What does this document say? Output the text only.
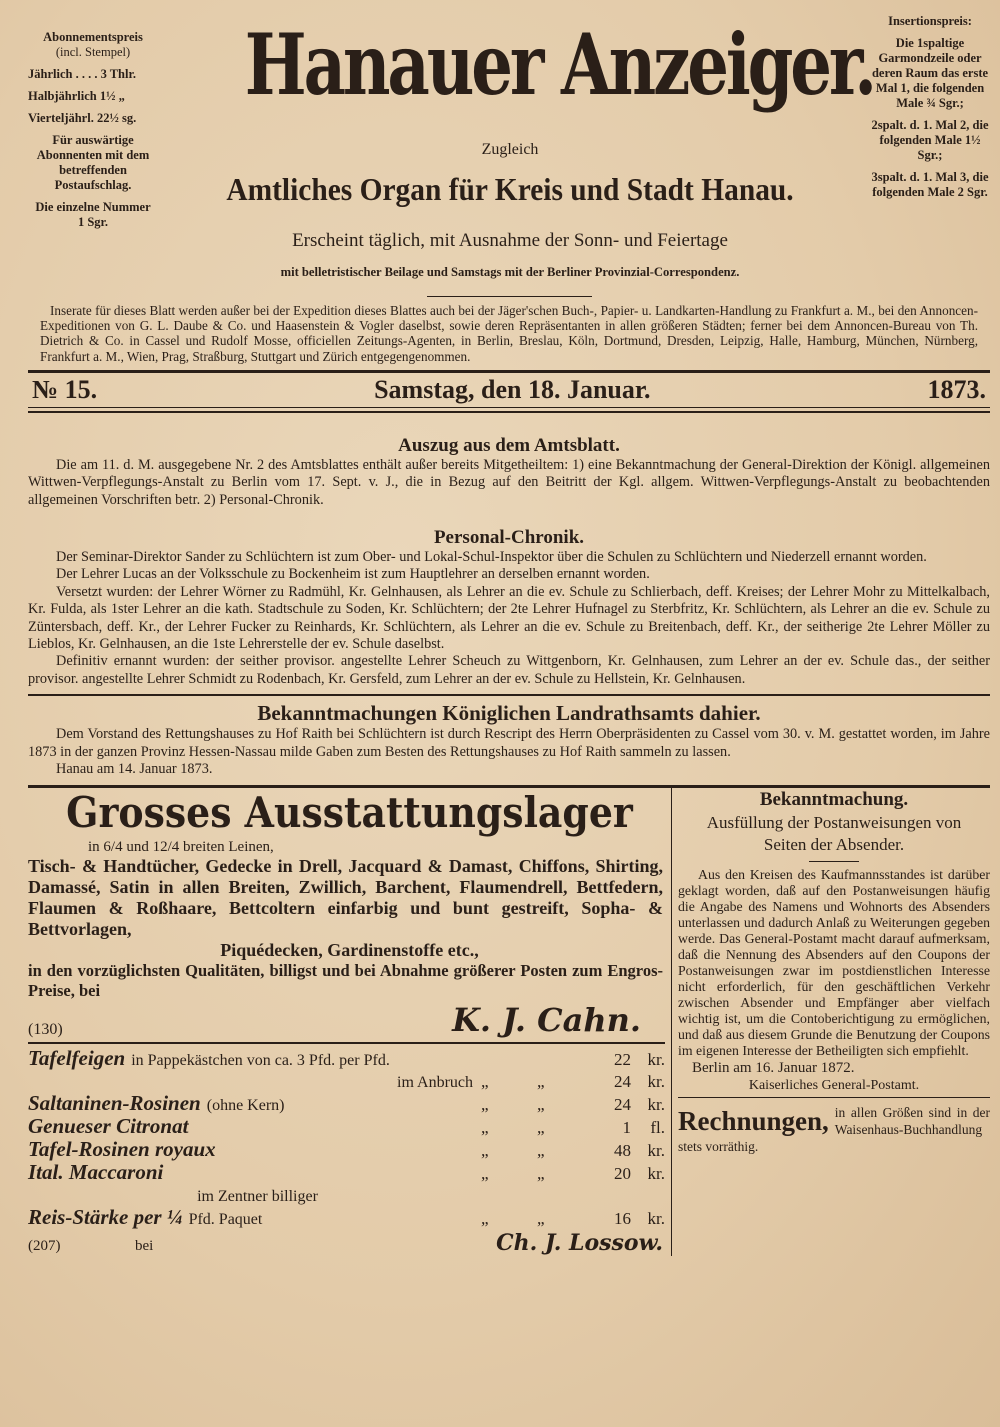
Abonnementspreis

(incl. Stempel)

Jährlich . . . . 3 Thlr.

Halbjährlich 1½ „

Vierteljährl. 22½ sg.

Für auswärtige Abonnenten mit dem betreffenden Postaufschlag.

Die einzelne Nummer

1 Sgr.

Insertionspreis:

Die 1spaltige Garmondzeile oder deren Raum das erste Mal 1, die folgenden Male ¾ Sgr.;

2spalt. d. 1. Mal 2, die folgenden Male 1½ Sgr.;

3spalt. d. 1. Mal 3, die folgenden Male 2 Sgr.

Hanauer Anzeiger.
Zugleich
Amtliches Organ für Kreis und Stadt Hanau.
Erscheint täglich, mit Ausnahme der Sonn- und Feiertage
mit belletristischer Beilage und Samstags mit der Berliner Provinzial-Correspondenz.

Inserate für dieses Blatt werden außer bei der Expedition dieses Blattes auch bei der Jäger'schen Buch-, Papier- u. Landkarten-Handlung zu Frankfurt a. M., bei den Annoncen-Expeditionen von G. L. Daube & Co. und Haasenstein & Vogler daselbst, sowie deren Repräsentanten in allen größeren Städten; ferner bei dem Annoncen-Bureau von Th. Dietrich & Co. in Cassel und Rudolf Mosse, officiellen Zeitungs-Agenten, in Berlin, Breslau, Köln, Dortmund, Dresden, Leipzig, Halle, Hamburg, München, Nürnberg, Frankfurt a. M., Wien, Prag, Straßburg, Stuttgart und Zürich entgegengenommen.

№ 15.	Samstag, den 18. Januar.	1873.
Auszug aus dem Amtsblatt.

Die am 11. d. M. ausgegebene Nr. 2 des Amtsblattes enthält außer bereits Mitgetheiltem: 1) eine Bekanntmachung der General-Direktion der Königl. allgemeinen Wittwen-Verpflegungs-Anstalt zu Berlin vom 17. Sept. v. J., die in Bezug auf den Beitritt der Kgl. allgem. Wittwen-Verpflegungs-Anstalt zu beobachtenden allgemeinen Vorschriften betr. 2) Personal-Chronik.

Personal-Chronik.

Der Seminar-Direktor Sander zu Schlüchtern ist zum Ober- und Lokal-Schul-Inspektor über die Schulen zu Schlüchtern und Niederzell ernannt worden.

Der Lehrer Lucas an der Volksschule zu Bockenheim ist zum Hauptlehrer an derselben ernannt worden.

Versetzt wurden: der Lehrer Wörner zu Radmühl, Kr. Gelnhausen, als Lehrer an die ev. Schule zu Schlierbach, deff. Kreises; der Lehrer Mohr zu Mittelkalbach, Kr. Fulda, als 1ster Lehrer an die kath. Stadtschule zu Soden, Kr. Schlüchtern; der 2te Lehrer Hufnagel zu Sterbfritz, Kr. Schlüchtern, als Lehrer an die ev. Schule zu Züntersbach, deff. Kr., der Lehrer Fucker zu Reinhards, Kr. Schlüchtern, als Lehrer an die ev. Schule zu Breitenbach, deff. Kr., der seitherige 2te Lehrer Möller zu Lieblos, Kr. Gelnhausen, an die 1ste Lehrerstelle der ev. Schule daselbst.

Definitiv ernannt wurden: der seither provisor. angestellte Lehrer Scheuch zu Wittgenborn, Kr. Gelnhausen, zum Lehrer an der ev. Schule das., der seither provisor. angestellte Lehrer Schmidt zu Rodenbach, Kr. Gersfeld, zum Lehrer an der ev. Schule zu Hellstein, Kr. Gelnhausen.

Bekanntmachungen Königlichen Landrathsamts dahier.

Dem Vorstand des Rettungshauses zu Hof Raith bei Schlüchtern ist durch Rescript des Herrn Oberpräsidenten zu Cassel vom 30. v. M. gestattet worden, im Jahre 1873 in der ganzen Provinz Hessen-Nassau milde Gaben zum Besten des Rettungshauses zu Hof Raith sammeln zu lassen.

Hanau am 14. Januar 1873.

Grosses Ausstattungslager
in 6/4 und 12/4 breiten Leinen,

Tisch- & Handtücher, Gedecke in Drell, Jacquard & Damast, Chiffons, Shirting, Damassé, Satin in allen Breiten, Zwillich, Barchent, Flaumendrell, Bettfedern, Flaumen & Roßhaare, Bettcoltern einfarbig und bunt gestreift, Sopha- & Bettvorlagen,

Piquédecken, Gardinenstoffe etc.,

in den vorzüglichsten Qualitäten, billigst und bei Abnahme größerer Posten zum Engros-Preise, bei

(130)	K. J. Cahn.
Tafelfeigen in Pappekästchen von ca. 3 Pfd. per Pfd.	22 kr.
im Anbruch „	„	24 kr.
Saltaninen-Rosinen (ohne Kern)	„	„	24 kr.
Genueser Citronat	„	„	1	fl.
Tafel-Rosinen royaux	„	„	48 kr.
Ital. Maccaroni	„	„	20 kr.
im Zentner billiger
Reis-Stärke per ¼ Pfd. Paquet	„	„	16 kr.
(207)	bei	Ch. J. Lossow.
Bekanntmachung.
Ausfüllung der Postanweisungen von Seiten der Absender.

Aus den Kreisen des Kaufmannsstandes ist darüber geklagt worden, daß auf den Postanweisungen häufig die Angabe des Namens und Wohnorts des Absenders unterlassen und dadurch Anlaß zu Weiterungen gegeben werde. Das General-Postamt macht darauf aufmerksam, daß die Nennung des Absenders auf den Coupons der Postanweisungen zwar im postdienstlichen Interesse nicht erforderlich, für den geschäftlichen Verkehr zwischen Absender und Empfänger aber vielfach wichtig ist, um die Contoberichtigung zu ermöglichen, und daß aus diesem Grunde die Benutzung der Coupons im eigenen Interesse der Betheiligten sich empfiehlt.

Berlin am 16. Januar 1872.

Kaiserliches General-Postamt.

Rechnungen, in allen Größen sind in der Waisenhaus-Buchhandlung stets vorräthig.
